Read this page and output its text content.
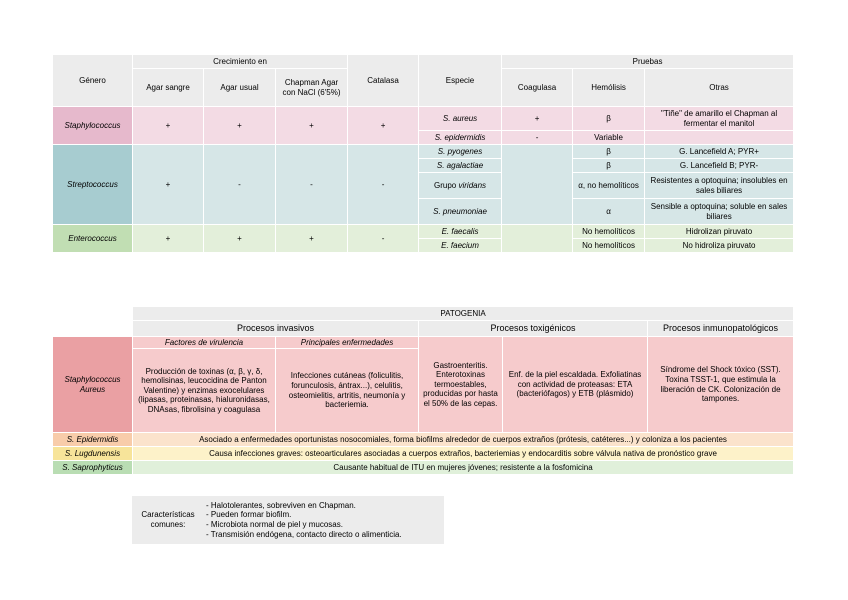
Género	Crecimiento en			Catalasa	Especie	Pruebas		
	Agar sangre	Agar usual	Chapman Agar con NaCl (6'5%)			Coagulasa	Hemólisis	Otras
Staphylococcus	+	+	+	+	S. aureus	+	β	"Tiñe" de amarillo el Chapman al fermentar el manitol
					S. epidermidis	-	Variable	
Streptococcus	+	-	-	-	S. pyogenes		β	G. Lancefield A; PYR+
					S. agalactiae		β	G. Lancefield B; PYR-
					Grupo viridans		α, no hemolíticos	Resistentes a optoquina; insolubles en sales biliares
					S. pneumoniae		α	Sensible a optoquina; soluble en sales biliares
Enterococcus	+	+	+	-	E. faecalis		No hemolíticos	Hidrolizan piruvato
					E. faecium		No hemolíticos	No hidroliza piruvato
	PATOGENIA				
	Procesos invasivos		Procesos toxigénicos		Procesos inmunopatológicos
Staphylococcus Aureus	Factores de virulencia	Principales enfermedades	Gastroenteritis. Enterotoxinas termoestables, producidas por hasta el 50% de las cepas.	Enf. de la piel escaldada. Exfoliatinas con actividad de proteasas: ETA (bacteriófagos) y ETB (plásmido)	Síndrome del Shock tóxico (SST). Toxina TSST-1, que estimula la liberación de CK. Colonización de tampones.
	Producción de toxinas (α, β, γ, δ, hemolisinas, leucocidina de Panton Valentine) y enzimas exocelulares (lipasas, proteinasas, hialuronidasas, DNAsas, fibrolisina y coagulasa	Infecciones cutáneas (foliculitis, forunculosis, ántrax...), celulitis, osteomielitis, artritis, neumonía y bacteriemia.			
S. Epidermidis	Asociado a enfermedades oportunistas nosocomiales, forma biofilms alrededor de cuerpos extraños (prótesis, catéteres...) y coloniza a los pacientes				
S. Lugdunensis	Causa infecciones graves: osteoarticulares asociadas a cuerpos extraños, bacteriemias y endocarditis sobre válvula nativa de pronóstico grave				
S. Saprophyticus	Causante habitual de ITU en mujeres jóvenes; resistente a la fosfomicina				
Características comunes:	
- Halotolerantes, sobreviven en Chapman.
- Pueden formar biofilm.
- Microbiota normal de piel y mucosas.
- Transmisión endógena, contacto directo o alimenticia.
